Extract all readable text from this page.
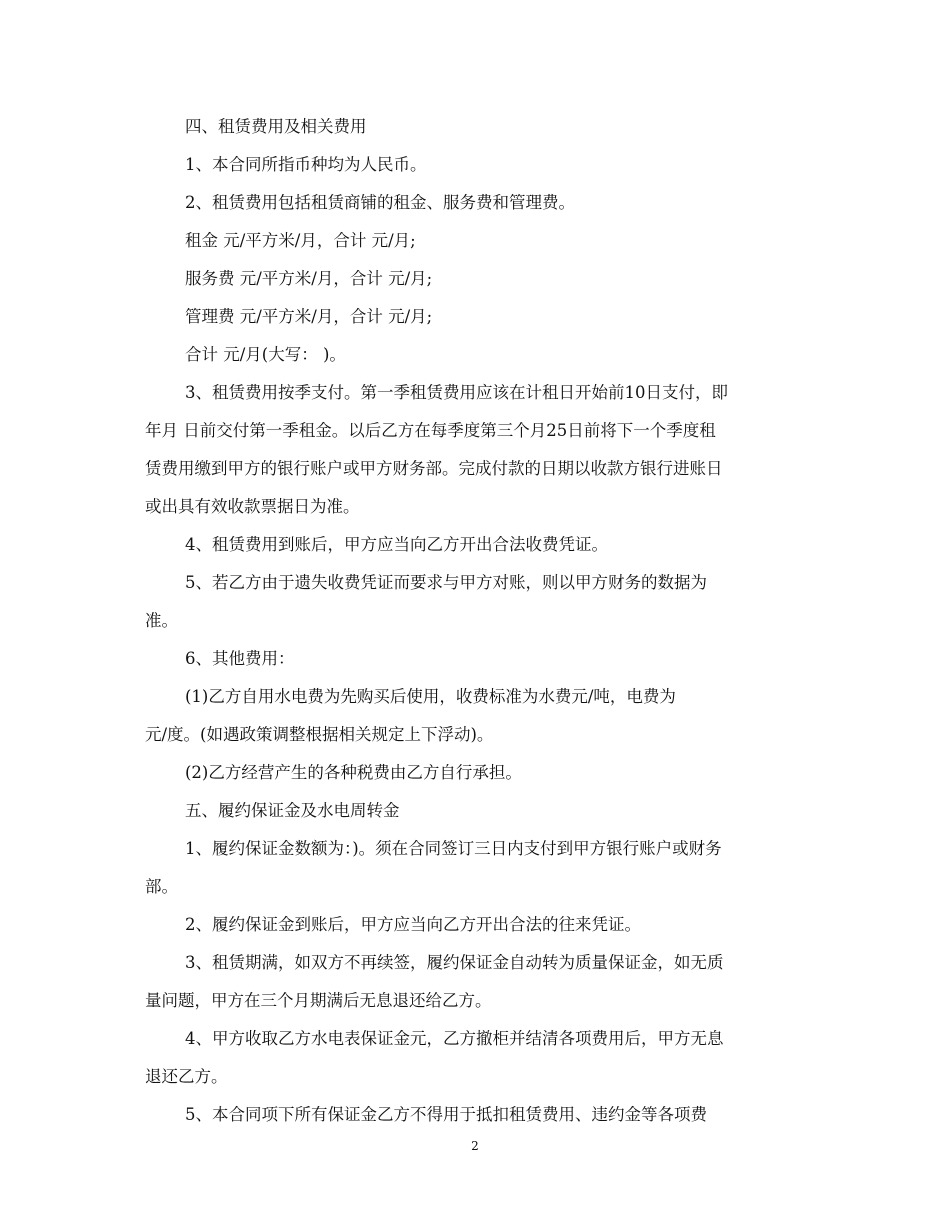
四、租赁费用及相关费用
1、本合同所指币种均为人民币。
2、租赁费用包括租赁商铺的租金、服务费和管理费。
租金 元/平方米/月，合计 元/月;
服务费 元/平方米/月，合计 元/月;
管理费 元/平方米/月，合计 元/月;
合计 元/月(大写： )。
3、租赁费用按季支付。第一季租赁费用应该在计租日开始前10日支付，即
年月 日前交付第一季租金。以后乙方在每季度第三个月25日前将下一个季度租
赁费用缴到甲方的银行账户或甲方财务部。完成付款的日期以收款方银行进账日
或出具有效收款票据日为准。
4、租赁费用到账后，甲方应当向乙方开出合法收费凭证。
5、若乙方由于遗失收费凭证而要求与甲方对账，则以甲方财务的数据为
准。
6、其他费用：
(1)乙方自用水电费为先购买后使用，收费标准为水费元/吨，电费为
元/度。(如遇政策调整根据相关规定上下浮动)。
(2)乙方经营产生的各种税费由乙方自行承担。
五、履约保证金及水电周转金
1、履约保证金数额为：)。须在合同签订三日内支付到甲方银行账户或财务
部。
2、履约保证金到账后，甲方应当向乙方开出合法的往来凭证。
3、租赁期满，如双方不再续签，履约保证金自动转为质量保证金，如无质
量问题，甲方在三个月期满后无息退还给乙方。
4、甲方收取乙方水电表保证金元，乙方撤柜并结清各项费用后，甲方无息
退还乙方。
5、本合同项下所有保证金乙方不得用于抵扣租赁费用、违约金等各项费
2
